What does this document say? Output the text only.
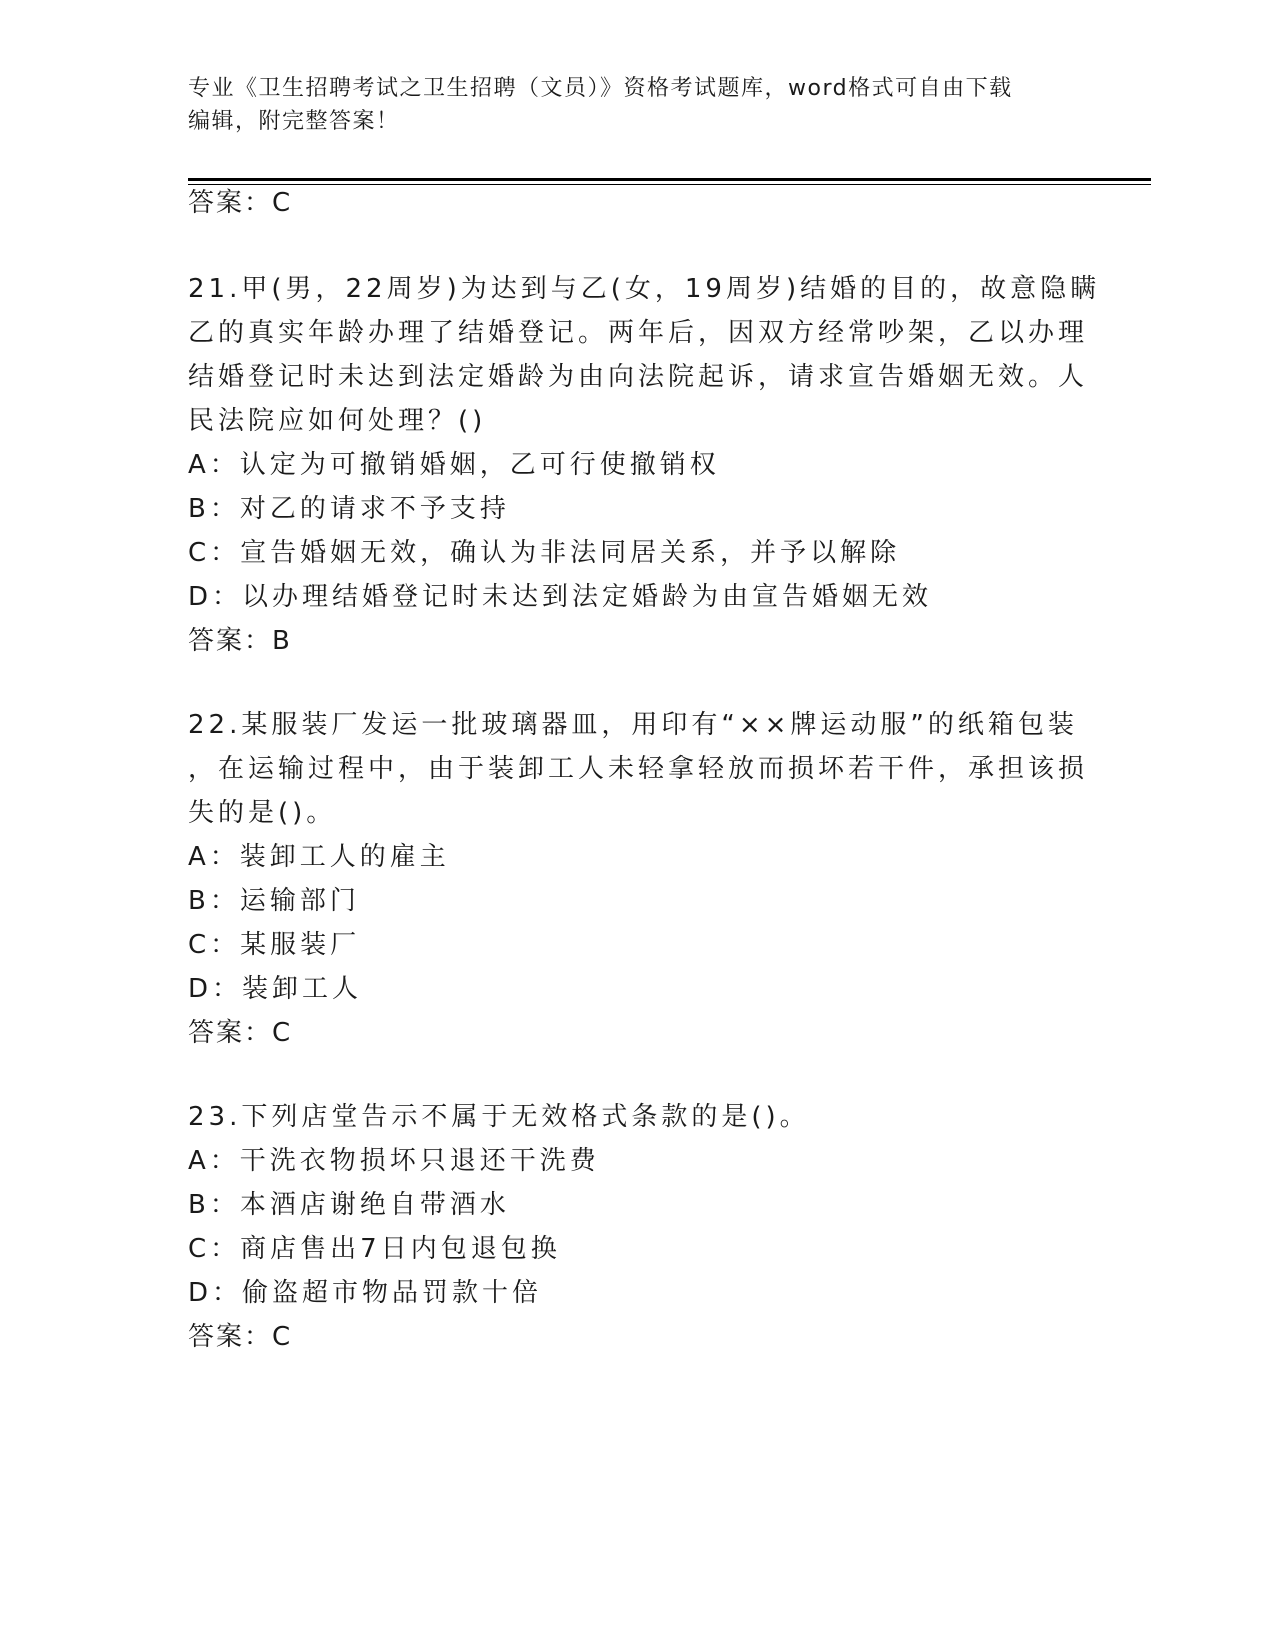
专业《卫生招聘考试之卫生招聘（文员）》资格考试题库，word格式可自由下载
编辑，附完整答案！
答案：C
21.甲(男，22周岁)为达到与乙(女，19周岁)结婚的目的，故意隐瞒
乙的真实年龄办理了结婚登记。两年后，因双方经常吵架，乙以办理
结婚登记时未达到法定婚龄为由向法院起诉，请求宣告婚姻无效。人
民法院应如何处理？()
A：认定为可撤销婚姻，乙可行使撤销权
B：对乙的请求不予支持
C：宣告婚姻无效，确认为非法同居关系，并予以解除
D：以办理结婚登记时未达到法定婚龄为由宣告婚姻无效
答案：B
22.某服装厂发运一批玻璃器皿，用印有“××牌运动服”的纸箱包装
，在运输过程中，由于装卸工人未轻拿轻放而损坏若干件，承担该损
失的是()。
A：装卸工人的雇主
B：运输部门
C：某服装厂
D：装卸工人
答案：C
23.下列店堂告示不属于无效格式条款的是()。
A：干洗衣物损坏只退还干洗费
B：本酒店谢绝自带酒水
C：商店售出7日内包退包换
D：偷盗超市物品罚款十倍
答案：C
